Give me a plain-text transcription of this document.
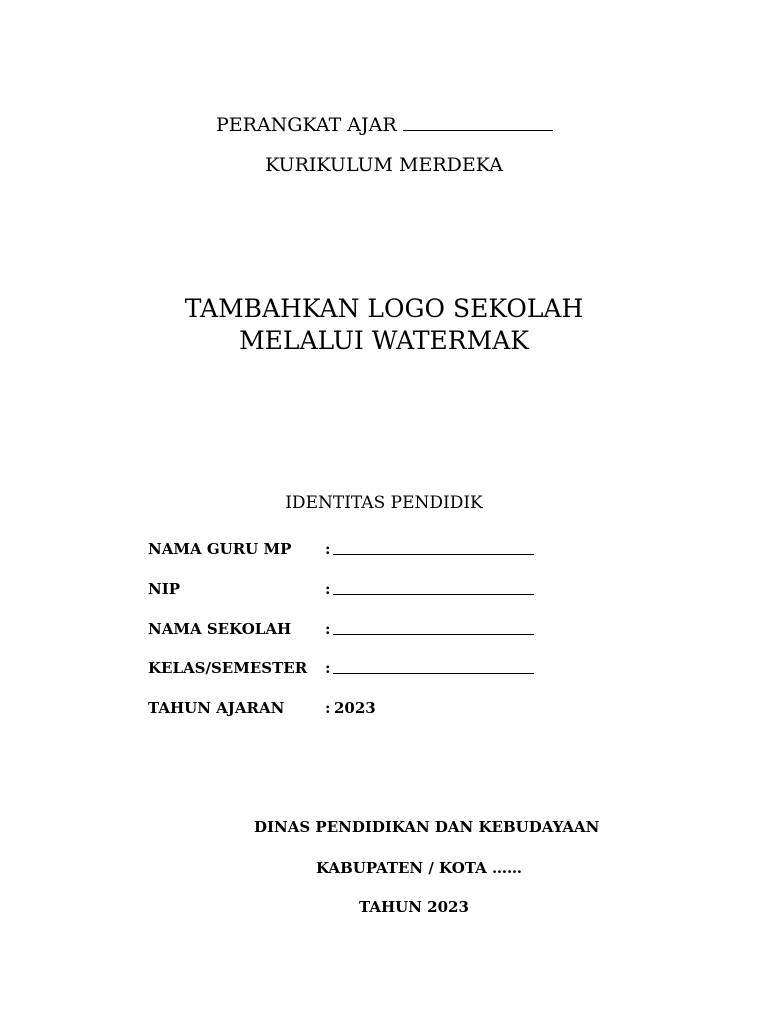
PERANGKAT AJAR
KURIKULUM MERDEKA
TAMBAHKAN LOGO SEKOLAH
MELALUI WATERMAK
IDENTITAS PENDIDIK
NAMA GURU MP :
NIP	:
NAMA SEKOLAH :
KELAS/SEMESTER :
TAHUN AJARAN	: 2023
DINAS PENDIDIKAN DAN KEBUDAYAAN
KABUPATEN / KOTA ……
TAHUN 2023
